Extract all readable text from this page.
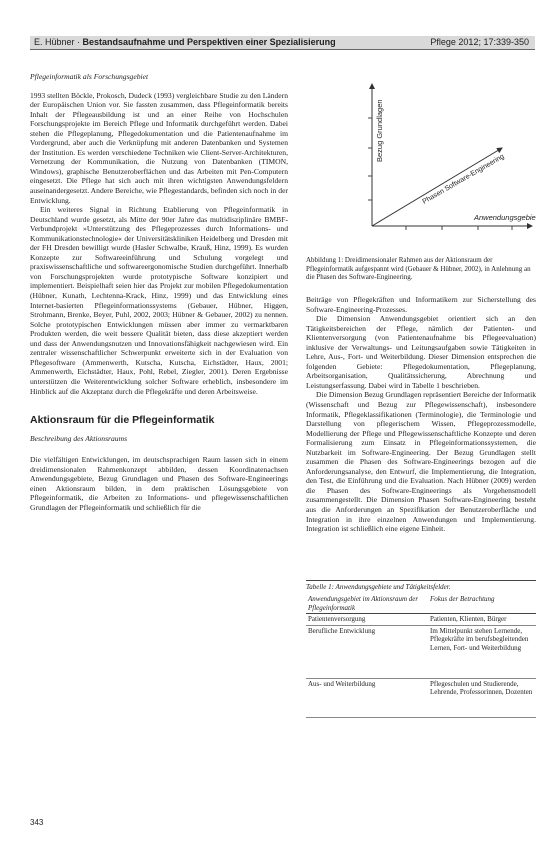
E. Hübner · Bestandsaufnahme und Perspektiven einer Spezialisierung	Pflege 2012; 17:339-350

Pflegeinformatik als Forschungsgebiet

1993 stellten Böckle, Prokosch, Dudeck (1993) vergleichbare Studie zu den Ländern der Europäischen Union vor. Sie fassten zusammen, dass Pflegeinformatik bereits Inhalt der Pflegeausbildung ist und an einer Reihe von Hochschulen Forschungsprojekte im Bereich Pflege und Informatik durchgeführt werden. Dabei stehen die Pflegeplanung, Pflegedokumentation und die Patientenaufnahme im Vordergrund, aber auch die Verknüpfung mit anderen Datenbanken und Systemen der Institution. Es werden verschiedene Techniken wie Client-Server-Architekturen, Vernetzung der Kommunikation, die Nutzung von Datenbanken (TIMON, Windows), graphische Benutzeroberflächen und das Arbeiten mit Pen-Computern eingesetzt. Die Pflege hat sich auch mit ihren wichtigsten Anwendungsfeldern auseinandergesetzt. Andere Bereiche, wie Pflegestandards, befinden sich noch in der Entwicklung.

Ein weiteres Signal in Richtung Etablierung von Pflegeinformatik in Deutschland wurde gesetzt, als Mitte der 90er Jahre das multidisziplinäre BMBF-Verbundprojekt »Unterstützung des Pflegeprozesses durch Informations- und Kommunikationstechnologie« der Universitätskliniken Heidelberg und Dresden mit der FH Dresden bewilligt wurde (Hasler Schwalbe, Krauß, Hinz, 1999). Es wurden Konzepte zur Softwareeinführung und Schulung vorgelegt und praxiswissenschaftliche und softwareergonomische Studien durchgeführt. Innerhalb von Forschungsprojekten wurde prototypische Software konzipiert und implementiert. Beispielhaft seien hier das Projekt zur mobilen Pflegedokumentation (Hübner, Kunath, Lechtenna-Krack, Hinz, 1999) und das Entwicklung eines Internet-basierten Pflegeinformationssystems (Gebauer, Hübner, Higgen, Strohmann, Brenke, Beyer, Puhl, 2002, 2003; Hübner & Gebauer, 2002) zu nennen. Solche prototypischen Entwicklungen müssen aber immer zu vermarktbaren Produkten werden, die weit bessere Qualität bieten, dass diese akzeptiert werden und dass der Anwendungsnutzen und Innovationsfähigkeit nachgewiesen wird. Ein zentraler wissenschaftlicher Schwerpunkt erweiterte sich in der Evaluation von Pflegesoftware (Ammenwerth, Kutscha, Kutscha, Eichstädter, Haux, 2001; Ammenwerth, Eichstädter, Haux, Pohl, Rebel, Ziegler, 2001). Deren Ergebnisse unterstützen die Weiterentwicklung solcher Software erheblich, insbesondere im Hinblick auf die Akzeptanz durch die Pflegekräfte und deren Arbeitsweise.

Aktionsraum für die Pflegeinformatik

Beschreibung des Aktionsraums

Die vielfältigen Entwicklungen, im deutschsprachigen Raum lassen sich in einem dreidimensionalen Rahmenkonzept abbilden, dessen Koordinatenachsen Anwendungsgebiete, Bezug Grundlagen und Phasen des Software-Engineerings einen Aktionsraum bilden, in dem praktischen Lösungsgebiete von Pflegeinformatik, die Arbeiten zu Informations- und pflegewissenschaftlichen Grundlagen der Pflegeinformatik und schließlich für die

Bezug Grundlagen
Anwendungsgebiete
Phasen Software-Engineering
Abbildung 1: Dreidimensionaler Rahmen aus der Aktionsraum der Pflegeinformatik aufgespannt wird (Gebauer & Hübner, 2002), in Anlehnung an die Phasen des Software-Engineering.

Beiträge von Pflegekräften und Informatikern zur Sicherstellung des Software-Engineering-Prozesses.

Die Dimension Anwendungsgebiet orientiert sich an den Tätigkeitsbereichen der Pflege, nämlich der Patienten- und Klientenversorgung (von Patientenaufnahme bis Pflegeevaluation) inklusive der Verwaltungs- und Leitungsaufgaben sowie Tätigkeiten in Lehre, Aus-, Fort- und Weiterbildung. Dieser Dimension entsprechen die folgenden Gebiete: Pflegedokumentation, Pflegeplanung, Arbeitsorganisation, Qualitätssicherung, Abrechnung und Leistungserfassung. Dabei wird in Tabelle 1 beschrieben.

Die Dimension Bezug Grundlagen repräsentiert Bereiche der Informatik (Wissenschaft und Bezug zur Pflegewissenschaft), insbesondere Informatik, Pflegeklassifikationen (Terminologie), die Terminologie und Darstellung von pflegerischem Wissen, Pflegeprozessmodelle, Modellierung der Pflege und Pflegewissenschaftliche Konzepte und deren Formalisierung zum Einsatz in Pflegeinformationssystemen, die Nutzbarkeit im Software-Engineering. Der Bezug Grundlagen stellt zusammen die Phasen des Software-Engineerings bezogen auf die Anforderungsanalyse, den Entwurf, die Implementierung, die Integration, den Test, die Einführung und die Evaluation. Nach Hübner (2009) werden die Phasen des Software-Engineerings als Vorgehensmodell zusammengestellt. Die Dimension Phasen Software-Engineering besteht aus die Anforderungen an Spezifikation der Benutzeroberfläche und Integration in ihre einzelnen Anwendungen und Implementierung. Integration ist schließlich eine eigene Einheit.

Tabelle 1: Anwendungsgebiete und Tätigkeitsfelder.
Anwendungsgebiet im Aktionsraum der Pflegeinformatik	Fokus der Betrachtung
Patientenversorgung	Patienten, Klienten, Bürger
Berufliche Entwicklung	Im Mittelpunkt stehen Lernende, Pflegekräfte im berufsbegleitenden Lernen, Fort- und Weiterbildung
Aus- und Weiterbildung	Pflegeschulen und Studierende, Lehrende, Professorinnen, Dozenten
343
